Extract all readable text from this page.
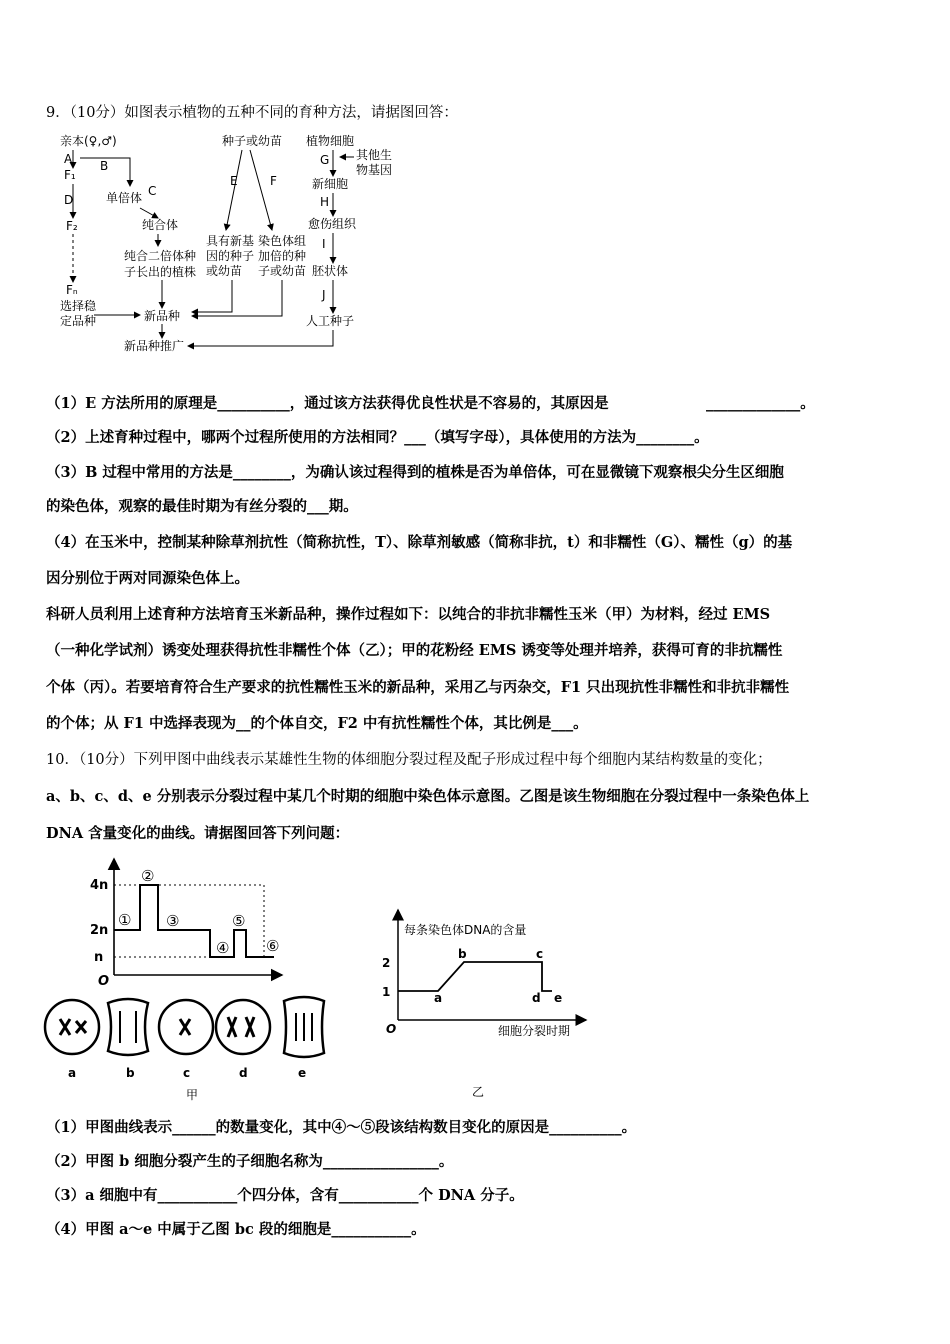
9．（10分）如图表示植物的五种不同的育种方法，请据图回答：
亲本(♀,♂)
A B
F₁
单倍体
D
C
F₂	纯合体
纯合二倍体种
子长出的植株
Fₙ
选择稳
定品种	新品种
新品种推广
种子或幼苗
E	F
具有新基
因的种子
或幼苗
染色体组
加倍的种
子或幼苗
植物细胞
G 其他生
物基因
新细胞
H
愈伤组织
I
胚状体
J
人工种子
（1）E 方法所用的原理是__________，通过该方法获得优良性状是不容易的，其原因是	_____________。
（2）上述育种过程中，哪两个过程所使用的方法相同？___（填写字母），具体使用的方法为________。
（3）B 过程中常用的方法是________，为确认该过程得到的植株是否为单倍体，可在显微镜下观察根尖分生区细胞
的染色体，观察的最佳时期为有丝分裂的___期。
（4）在玉米中，控制某种除草剂抗性（简称抗性，T）、除草剂敏感（简称非抗，t）和非糯性（G）、糯性（g）的基
因分别位于两对同源染色体上。
科研人员利用上述育种方法培育玉米新品种，操作过程如下：以纯合的非抗非糯性玉米（甲）为材料，经过 EMS
（一种化学试剂）诱变处理获得抗性非糯性个体（乙）；甲的花粉经 EMS 诱变等处理并培养，获得可育的非抗糯性
个体（丙）。若要培育符合生产要求的抗性糯性玉米的新品种，采用乙与丙杂交，F1 只出现抗性非糯性和非抗非糯性
的个体；从 F1 中选择表现为__的个体自交，F2 中有抗性糯性个体，其比例是___。
10．（10分）下列甲图中曲线表示某雄性生物的体细胞分裂过程及配子形成过程中每个细胞内某结构数量的变化；
a、b、c、d、e 分别表示分裂过程中某几个时期的细胞中染色体示意图。乙图是该生物细胞在分裂过程中一条染色体上
DNA 含量变化的曲线。请据图回答下列问题：
4n
2n
n
O
①
②
③
④
⑤
⑥
a	b	c	d	e
甲
每条染色体DNA的含量
2
1
O
a
b	c
d e
细胞分裂时期
乙
（1）甲图曲线表示______的数量变化，其中④～⑤段该结构数目变化的原因是__________。
（2）甲图 b 细胞分裂产生的子细胞名称为________________。
（3）a 细胞中有___________个四分体，含有___________个 DNA 分子。
（4）甲图 a～e 中属于乙图 bc 段的细胞是___________。
